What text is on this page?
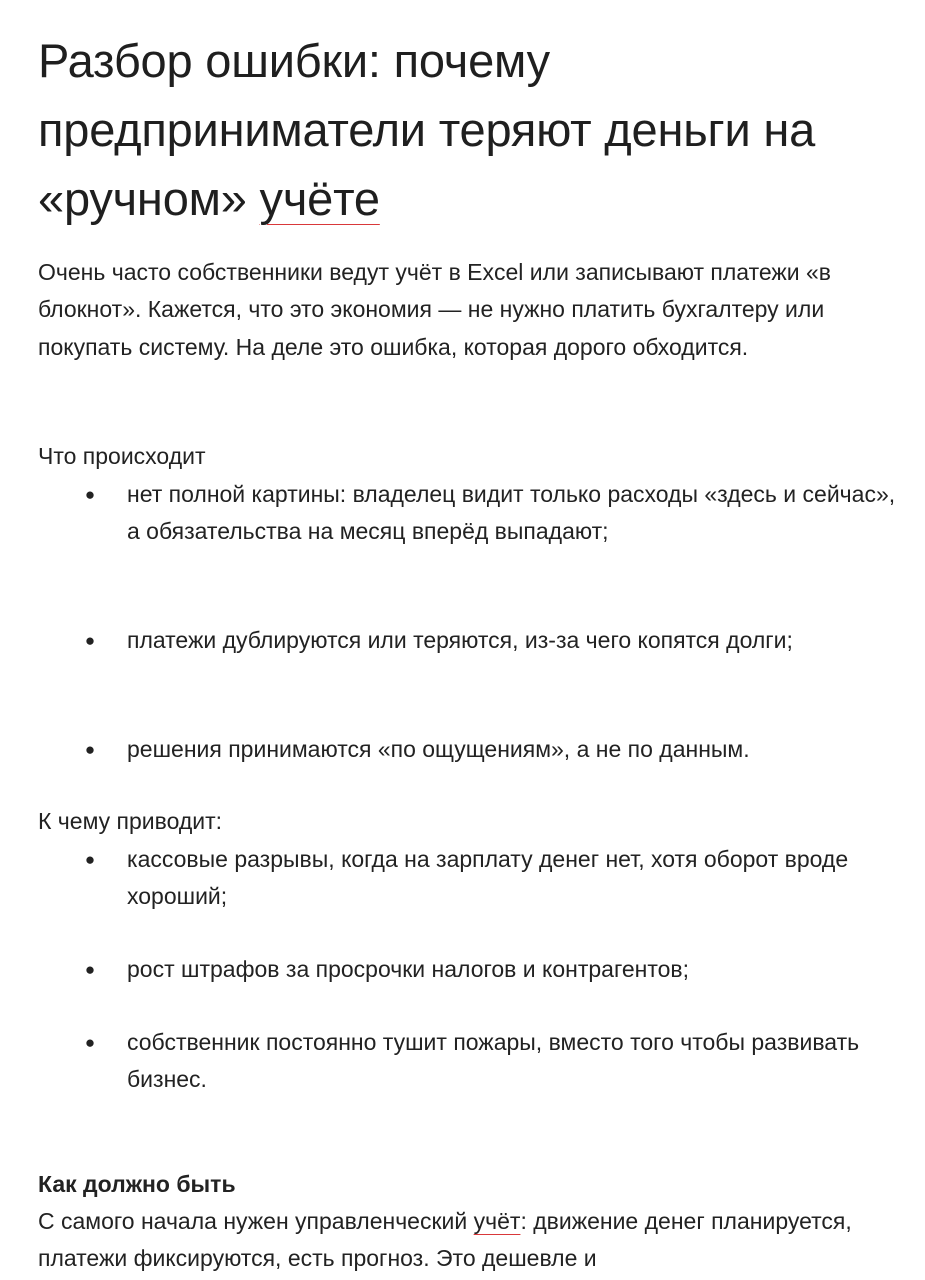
Разбор ошибки: почему предприниматели теряют деньги на «ручном» учёте

Очень часто собственники ведут учёт в Excel или записывают платежи «в блокнот». Кажется, что это экономия — не нужно платить бухгалтеру или покупать систему. На деле это ошибка, которая дорого обходится.

Что происходит

● нет полной картины: владелец видит только расходы «здесь и сейчас», а обязательства на месяц вперёд выпадают;
● платежи дублируются или теряются, из-за чего копятся долги;
● решения принимаются «по ощущениям», а не по данным.

К чему приводит:

● кассовые разрывы, когда на зарплату денег нет, хотя оборот вроде хороший;
● рост штрафов за просрочки налогов и контрагентов;
● собственник постоянно тушит пожары, вместо того чтобы развивать бизнес.

Как должно быть

С самого начала нужен управленческий учёт: движение денег планируется, платежи фиксируются, есть прогноз. Это дешевле и
